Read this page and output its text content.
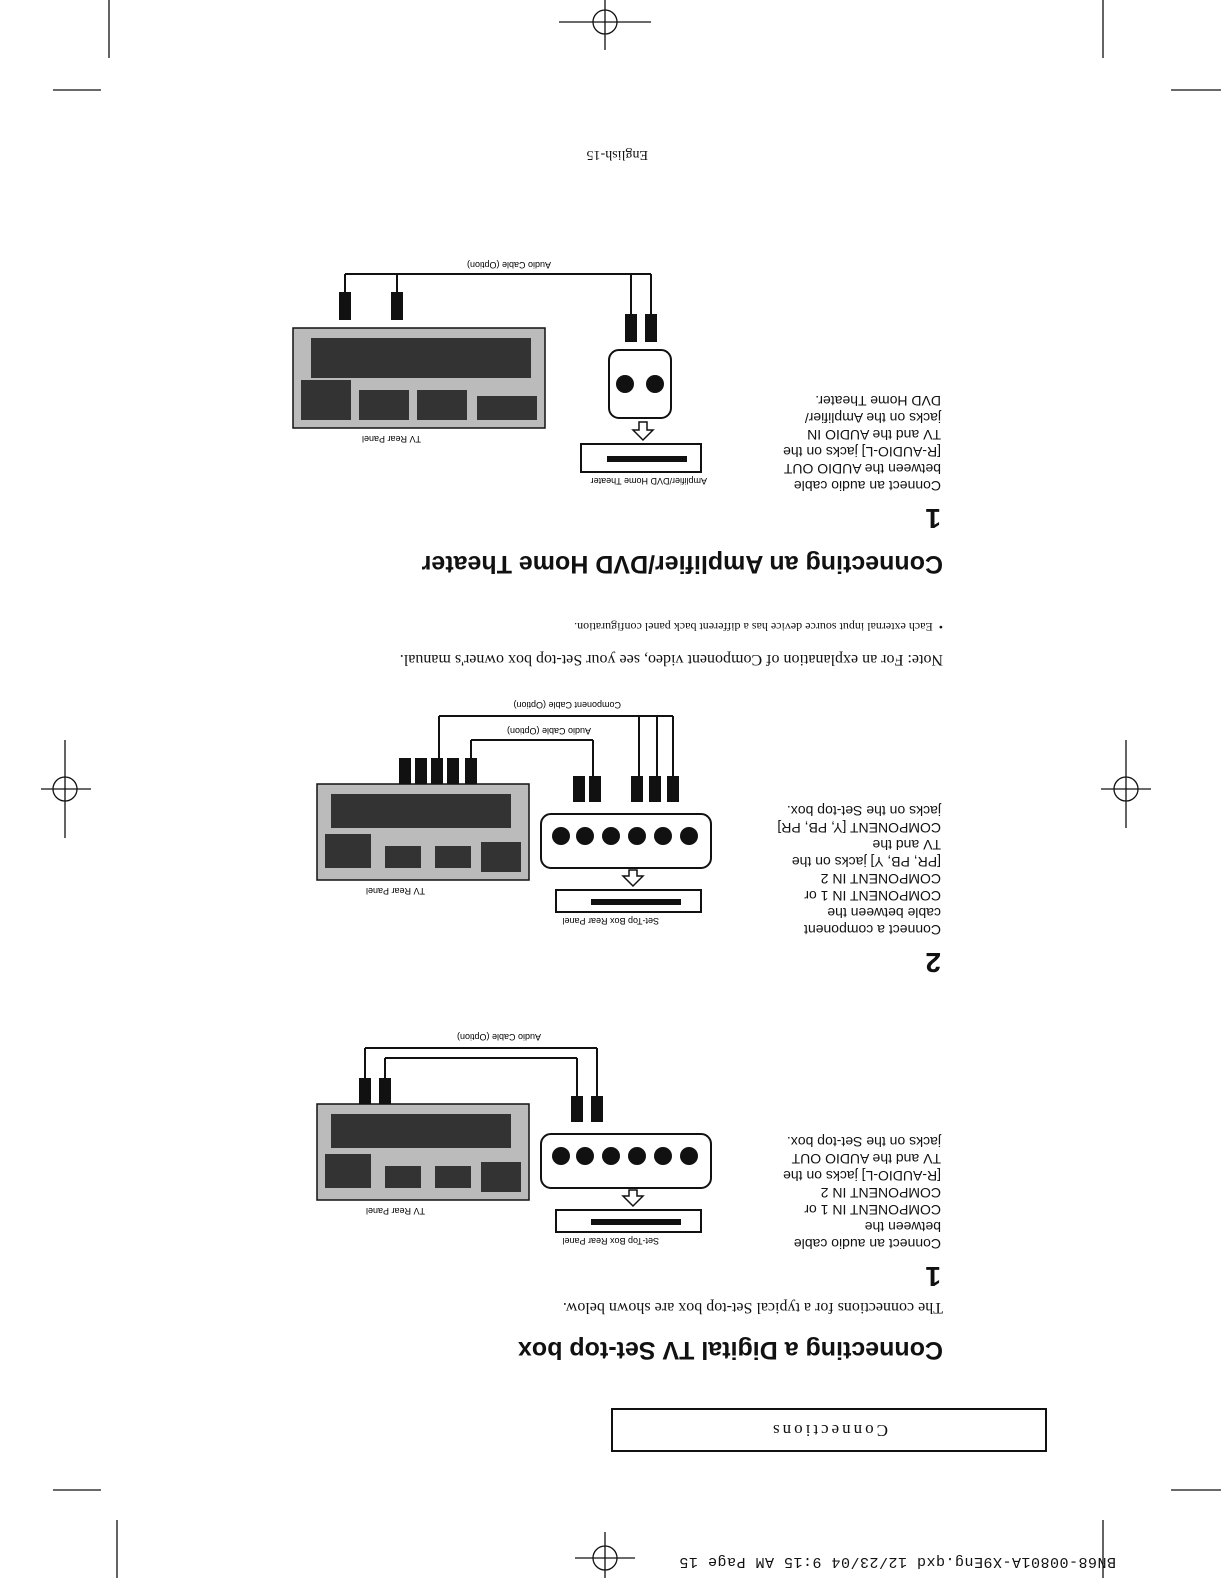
BN68-00801A-X9Eng.qxd 12/23/04 9:15 AM Page 15
Connections
Connecting a Digital TV Set-top box
The connections for a typical Set-top box are shown below.
1
Connect an audio cable
between the
COMPONENT IN 1 or
COMPONENT IN 2
[R-AUDIO-L] jacks on the
TV and the AUDIO OUT
jacks on the Set-top box.
Set-Top Box Rear Panel
TV Rear Panel
Audio Cable (Option)
2
Connect a component
cable between the
COMPONENT IN 1 or
COMPONENT IN 2
[PR, PB, Y] jacks on the
TV and the
COMPONENT [Y, PB, PR]
jacks on the Set-top box.
Set-Top Box Rear Panel
TV Rear Panel
Audio Cable (Option)
Component Cable (Option)
Note: For an explanation of Component video, see your Set-top box owner's manual.
•  Each external input source device has a different back panel configuration.
Connecting an Amplifier/DVD Home Theater
1
Connect an audio cable
between the AUDIO OUT
[R-AUDIO-L] jacks on the
TV and the AUDIO IN
jacks on the Amplifier/
DVD Home Theater.
Amplifier/DVD Home Theater
TV Rear Panel
Audio Cable (Option)
English-15
